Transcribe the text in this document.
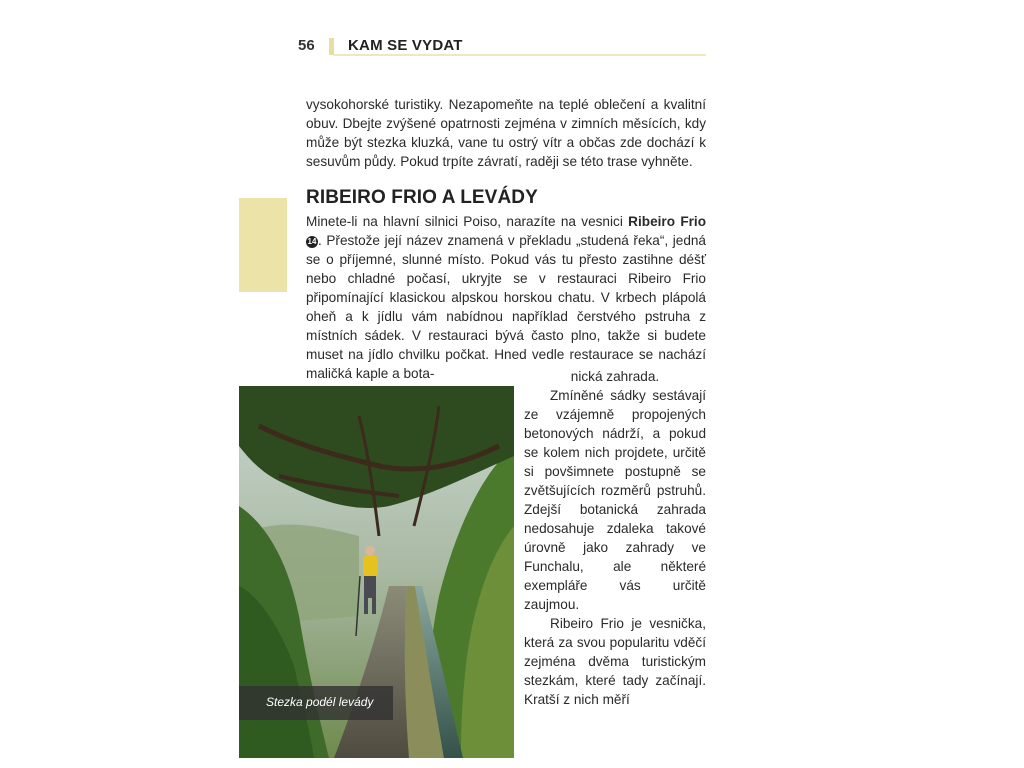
56 KAM SE VYDAT

vysokohorské turistiky. Nezapomeňte na teplé oblečení a kvalitní obuv. Dbejte zvýšené opatrnosti zejména v zimních měsících, kdy může být stezka kluzká, vane tu ostrý vítr a občas zde dochází k sesuvům půdy. Pokud trpíte závratí, raději se této trase vyhněte.

RIBEIRO FRIO A LEVÁDY

Minete-li na hlavní silnici Poiso, narazíte na vesnici Ribeiro Frio 14 . Přestože její název znamená v překladu „studená řeka“, jedná se o příjemné, slunné místo. Pokud vás tu přesto zastihne déšť nebo chladné počasí, ukryjte se v restauraci Ribeiro Frio připomínající klasickou alpskou horskou chatu. V krbech plápolá oheň a k jídlu vám nabídnou například čerstvého pstruha z místních sádek. V restauraci bývá často plno, takže si budete muset na jídlo chvilku počkat. Hned vedle restaurace se nachází maličká kaple a bota-	nická zahrada.

Zmíněné sádky sestávají ze vzájemně propojených betonových nádrží, a pokud se kolem nich projdete, určitě si povšimnete postupně se zvětšujících rozměrů pstruhů. Zdejší botanická zahrada nedosahuje zdaleka takové úrovně jako zahrady ve Funchalu, ale některé exempláře vás určitě zaujmou.

Ribeiro Frio je vesnička, která za svou popularitu vděčí zejména dvěma turistickým stezkám, které tady začínají. Kratší z nich měří

Stezka podél levády
